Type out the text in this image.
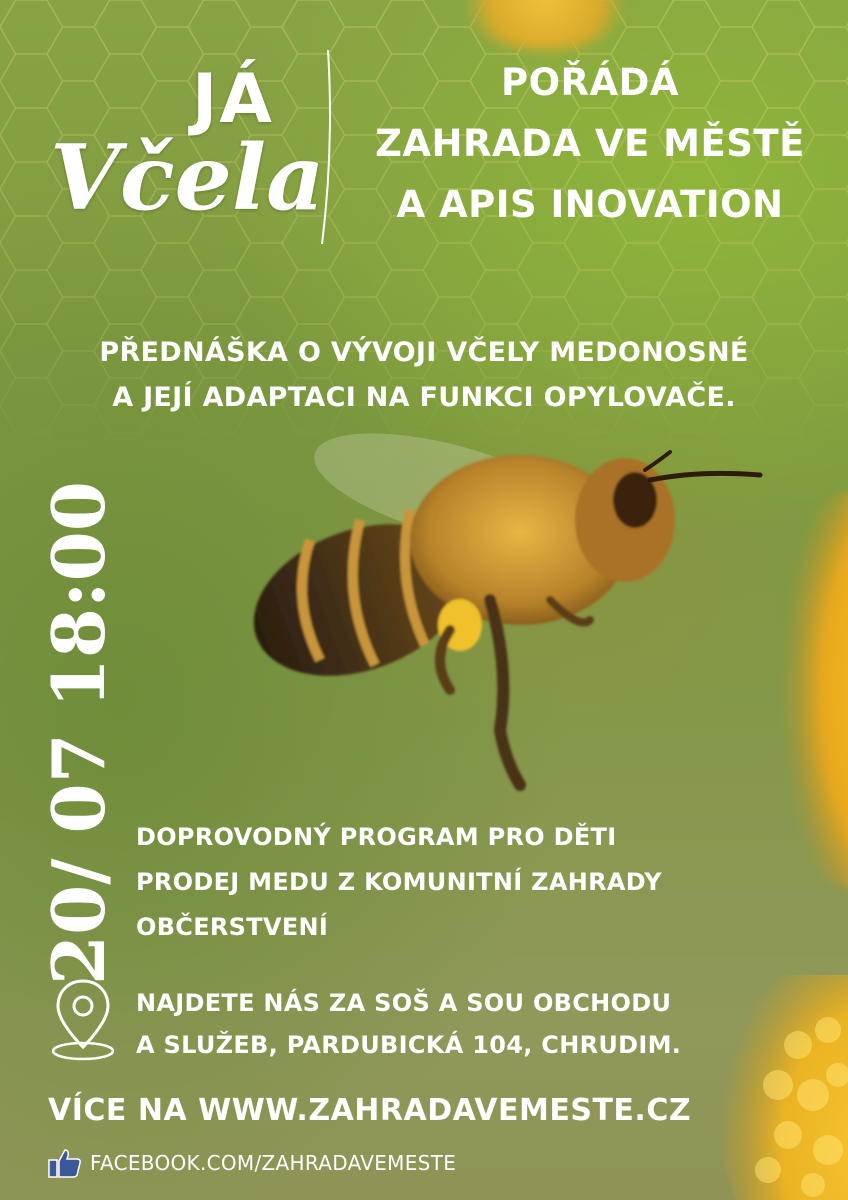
JÁ
Včela
POŘÁDÁ
ZAHRADA VE MĚSTĚ
A APIS INOVATION
PŘEDNÁŠKA O VÝVOJI VČELY MEDONOSNÉ
A JEJÍ ADAPTACI NA FUNKCI OPYLOVAČE.
20/ 07 18:00 DOPROVODNÝ PROGRAM PRO DĚTI
PRODEJ MEDU Z KOMUNITNÍ ZAHRADY
OBČERSTVENÍ
NAJDETE NÁS ZA SOŠ A SOU OBCHODU
A SLUŽEB, PARDUBICKÁ 104, CHRUDIM.
VÍCE NA WWW.ZAHRADAVEMESTE.CZ
FACEBOOK.COM/ZAHRADAVEMESTE
